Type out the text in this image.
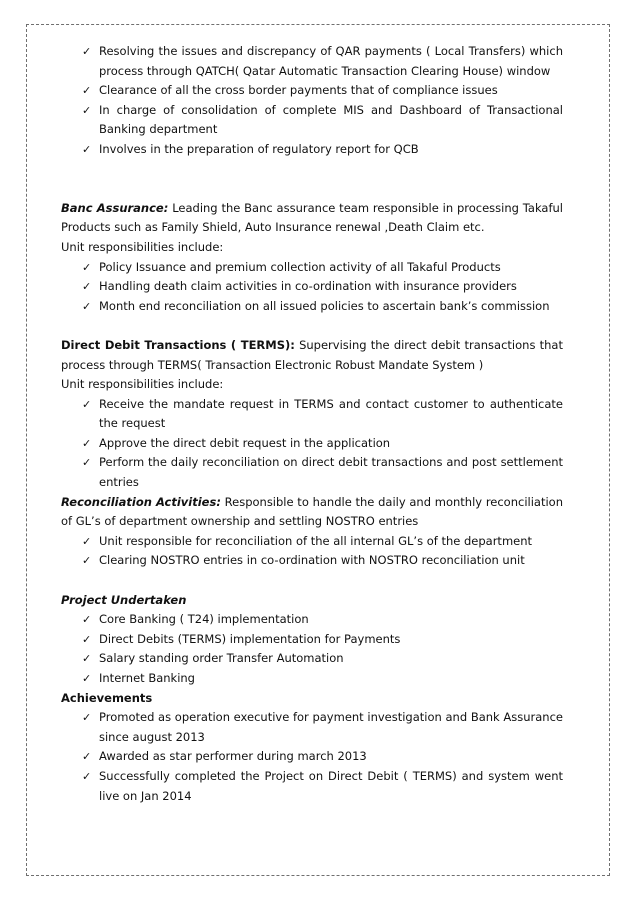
✓ Resolving the issues and discrepancy of QAR payments ( Local Transfers) which process through QATCH( Qatar Automatic Transaction Clearing House) window
✓ Clearance of all the cross border payments that of compliance issues
✓ In charge of consolidation of complete MIS and Dashboard of Transactional Banking department
✓ Involves in the preparation of regulatory report for QCB

Banc Assurance: Leading the Banc assurance team responsible in processing Takaful Products such as Family Shield, Auto Insurance renewal ,Death Claim etc.

Unit responsibilities include:

✓ Policy Issuance and premium collection activity of all Takaful Products
✓ Handling death claim activities in co-ordination with insurance providers
✓ Month end reconciliation on all issued policies to ascertain bank’s commission

Direct Debit Transactions ( TERMS): Supervising the direct debit transactions that process through TERMS( Transaction Electronic Robust Mandate System )

Unit responsibilities include:

✓ Receive the mandate request in TERMS and contact customer to authenticate the request
✓ Approve the direct debit request in the application
✓ Perform the daily reconciliation on direct debit transactions and post settlement entries

Reconciliation Activities: Responsible to handle the daily and monthly reconciliation of GL’s of department ownership and settling NOSTRO entries

✓ Unit responsible for reconciliation of the all internal GL’s of the department
✓ Clearing NOSTRO entries in co-ordination with NOSTRO reconciliation unit

Project Undertaken

✓ Core Banking ( T24) implementation
✓ Direct Debits (TERMS) implementation for Payments
✓ Salary standing order Transfer Automation
✓ Internet Banking

Achievements

✓ Promoted as operation executive for payment investigation and Bank Assurance since august 2013
✓ Awarded as star performer during march 2013
✓ Successfully completed the Project on Direct Debit ( TERMS) and system went live on Jan 2014
